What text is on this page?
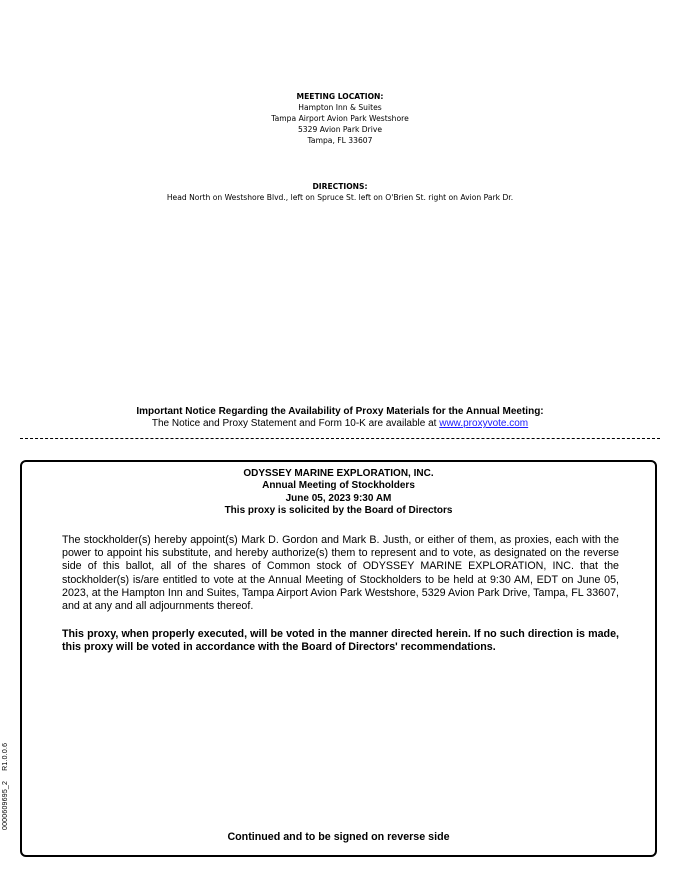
MEETING LOCATION:
Hampton Inn & Suites
Tampa Airport Avion Park Westshore
5329 Avion Park Drive
Tampa, FL 33607
DIRECTIONS:
Head North on Westshore Blvd., left on Spruce St. left on O'Brien St. right on Avion Park Dr.
Important Notice Regarding the Availability of Proxy Materials for the Annual Meeting:
The Notice and Proxy Statement and Form 10-K are available at www.proxyvote.com
ODYSSEY MARINE EXPLORATION, INC.
Annual Meeting of Stockholders
June 05, 2023 9:30 AM
This proxy is solicited by the Board of Directors
The stockholder(s) hereby appoint(s) Mark D. Gordon and Mark B. Justh, or either of them, as proxies, each with the power to appoint his substitute, and hereby authorize(s) them to represent and to vote, as designated on the reverse side of this ballot, all of the shares of Common stock of ODYSSEY MARINE EXPLORATION, INC. that the stockholder(s) is/are entitled to vote at the Annual Meeting of Stockholders to be held at 9:30 AM, EDT on June 05, 2023, at the Hampton Inn and Suites, Tampa Airport Avion Park Westshore, 5329 Avion Park Drive, Tampa, FL 33607, and at any and all adjournments thereof.
This proxy, when properly executed, will be voted in the manner directed herein. If no such direction is made, this proxy will be voted in accordance with the Board of Directors' recommendations.
Continued and to be signed on reverse side
0000609695_2R1.0.0.6
